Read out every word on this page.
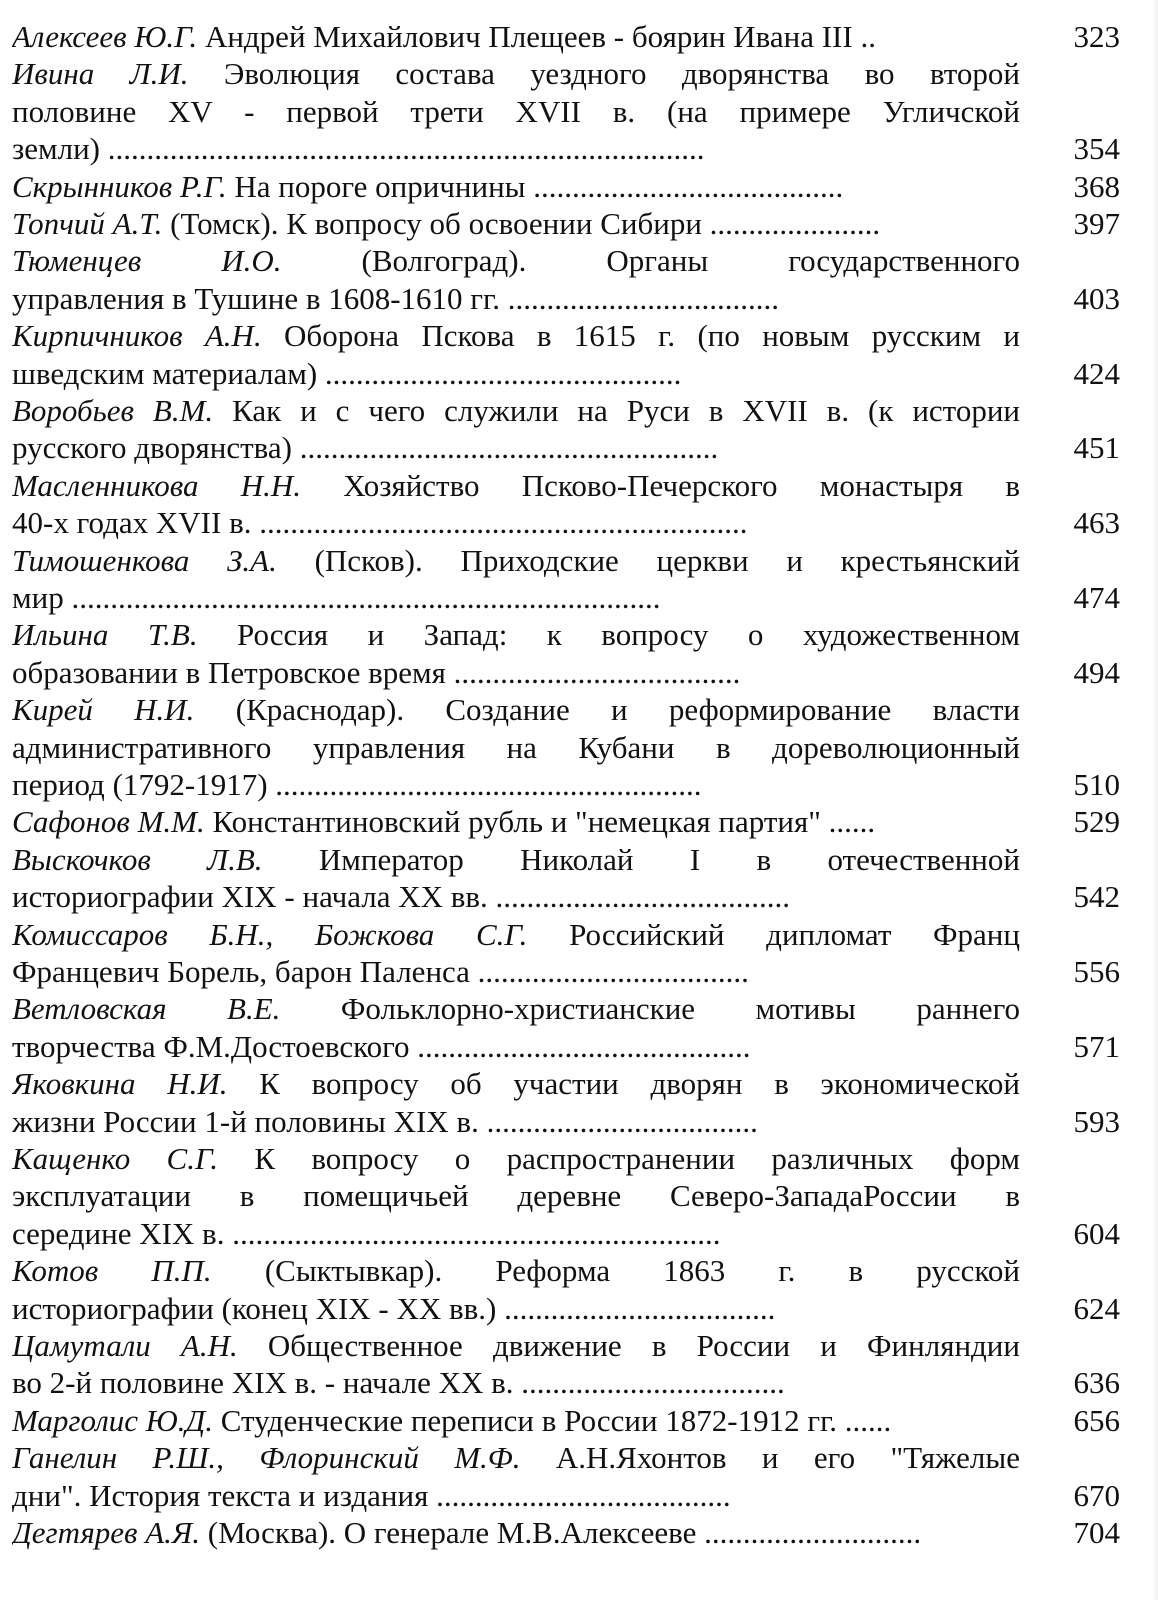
Алексеев Ю.Г. Андрей Михайлович Плещеев - боярин Ивана III ..	323
Ивина Л.И. Эволюция состава уездного дворянства во второй
половине XV - первой трети XVII в. (на примере Угличской
земли) .............................................................................	354
Скрынников Р.Г. На пороге опричнины ........................................	368
Топчий А.Т. (Томск). К вопросу об освоении Сибири ......................	397
Тюменцев И.О. (Волгоград). Органы государственного
управления в Тушине в 1608-1610 гг. ...................................	403
Кирпичников А.Н. Оборона Пскова в 1615 г. (по новым русским и
шведским материалам) ..............................................	424
Воробьев В.М. Как и с чего служили на Руси в XVII в. (к истории
русского дворянства) ......................................................	451
Масленникова Н.Н. Хозяйство Псково-Печерского монастыря в
40-х годах XVII в. ...............................................................	463
Тимошенкова З.А. (Псков). Приходские церкви и крестьянский
мир ............................................................................	474
Ильина Т.В. Россия и Запад: к вопросу о художественном
образовании в Петровское время .....................................	494
Кирей Н.И. (Краснодар). Создание и реформирование власти
административного управления на Кубани в дореволюционный
период (1792-1917) .......................................................	510
Сафонов М.М. Константиновский рубль и "немецкая партия" ......	529
Выскочков Л.В. Император Николай I в отечественной
историографии XIX - начала XX вв. ......................................	542
Комиссаров Б.Н., Божкова С.Г. Российский дипломат Франц
Францевич Борель, барон Паленса ...................................	556
Ветловская В.Е. Фольклорно-христианские мотивы раннего
творчества Ф.М.Достоевского ...........................................	571
Яковкина Н.И. К вопросу об участии дворян в экономической
жизни России 1-й половины XIX в. ...................................	593
Кащенко С.Г. К вопросу о распространении различных форм
эксплуатации в помещичьей деревне Северо-ЗападаРоссии в
середине XIX в. ...............................................................	604
Котов П.П. (Сыктывкар). Реформа 1863 г. в русской
историографии (конец XIX - XX вв.) ...................................	624
Цамутали А.Н. Общественное движение в России и Финляндии
во 2-й половине XIX в. - начале XX в. ..................................	636
Марголис Ю.Д. Студенческие переписи в России 1872-1912 гг. ......	656
Ганелин Р.Ш., Флоринский М.Ф. А.Н.Яхонтов и его "Тяжелые
дни". История текста и издания ......................................	670
Дегтярев А.Я. (Москва). О генерале М.В.Алексееве ............................	704
